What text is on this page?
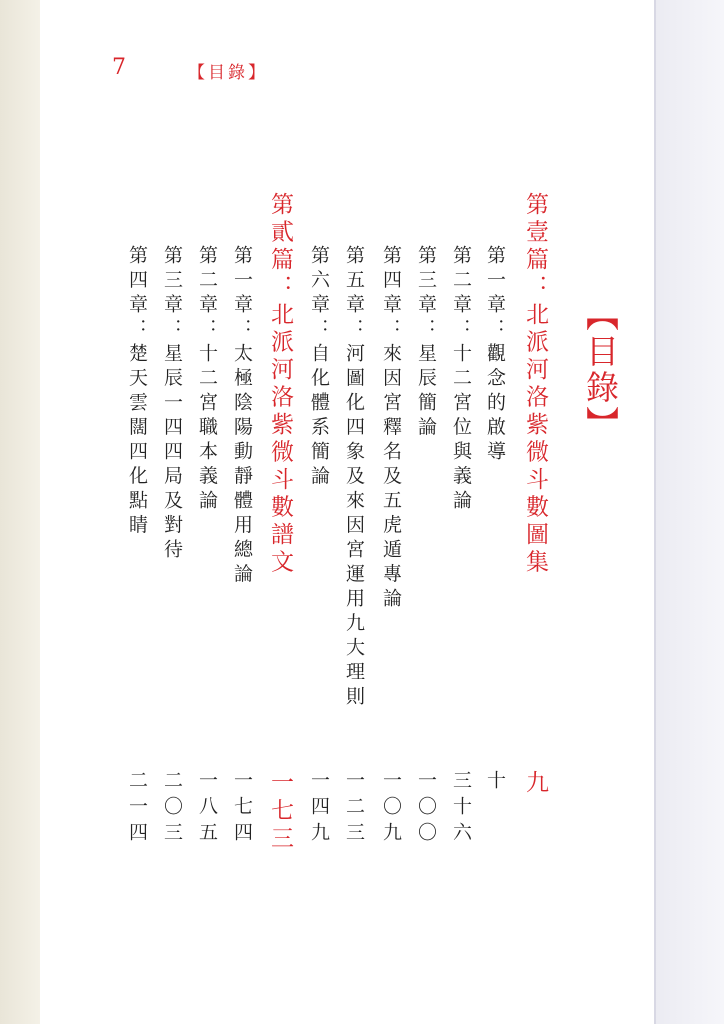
7	【目錄】
【目錄】
第壹篇：北派河洛紫微斗數圖集
第一章：觀念的啟導
第二章：十二宮位與義論
第三章：星辰簡論
第四章：來因宮釋名及五虎遁專論
第五章：河圖化四象及來因宮運用九大理則
第六章：自化體系簡論
第貳篇：北派河洛紫微斗數譜文
第一章：太極陰陽動靜體用總論
第二章：十二宮職本義論
第三章：星辰一四四局及對待
第四章：楚天雲闊四化點睛
九
十
三十六
一〇〇
一〇九
一二三
一四九
一七三
一七四
一八五
二〇三
二一四
